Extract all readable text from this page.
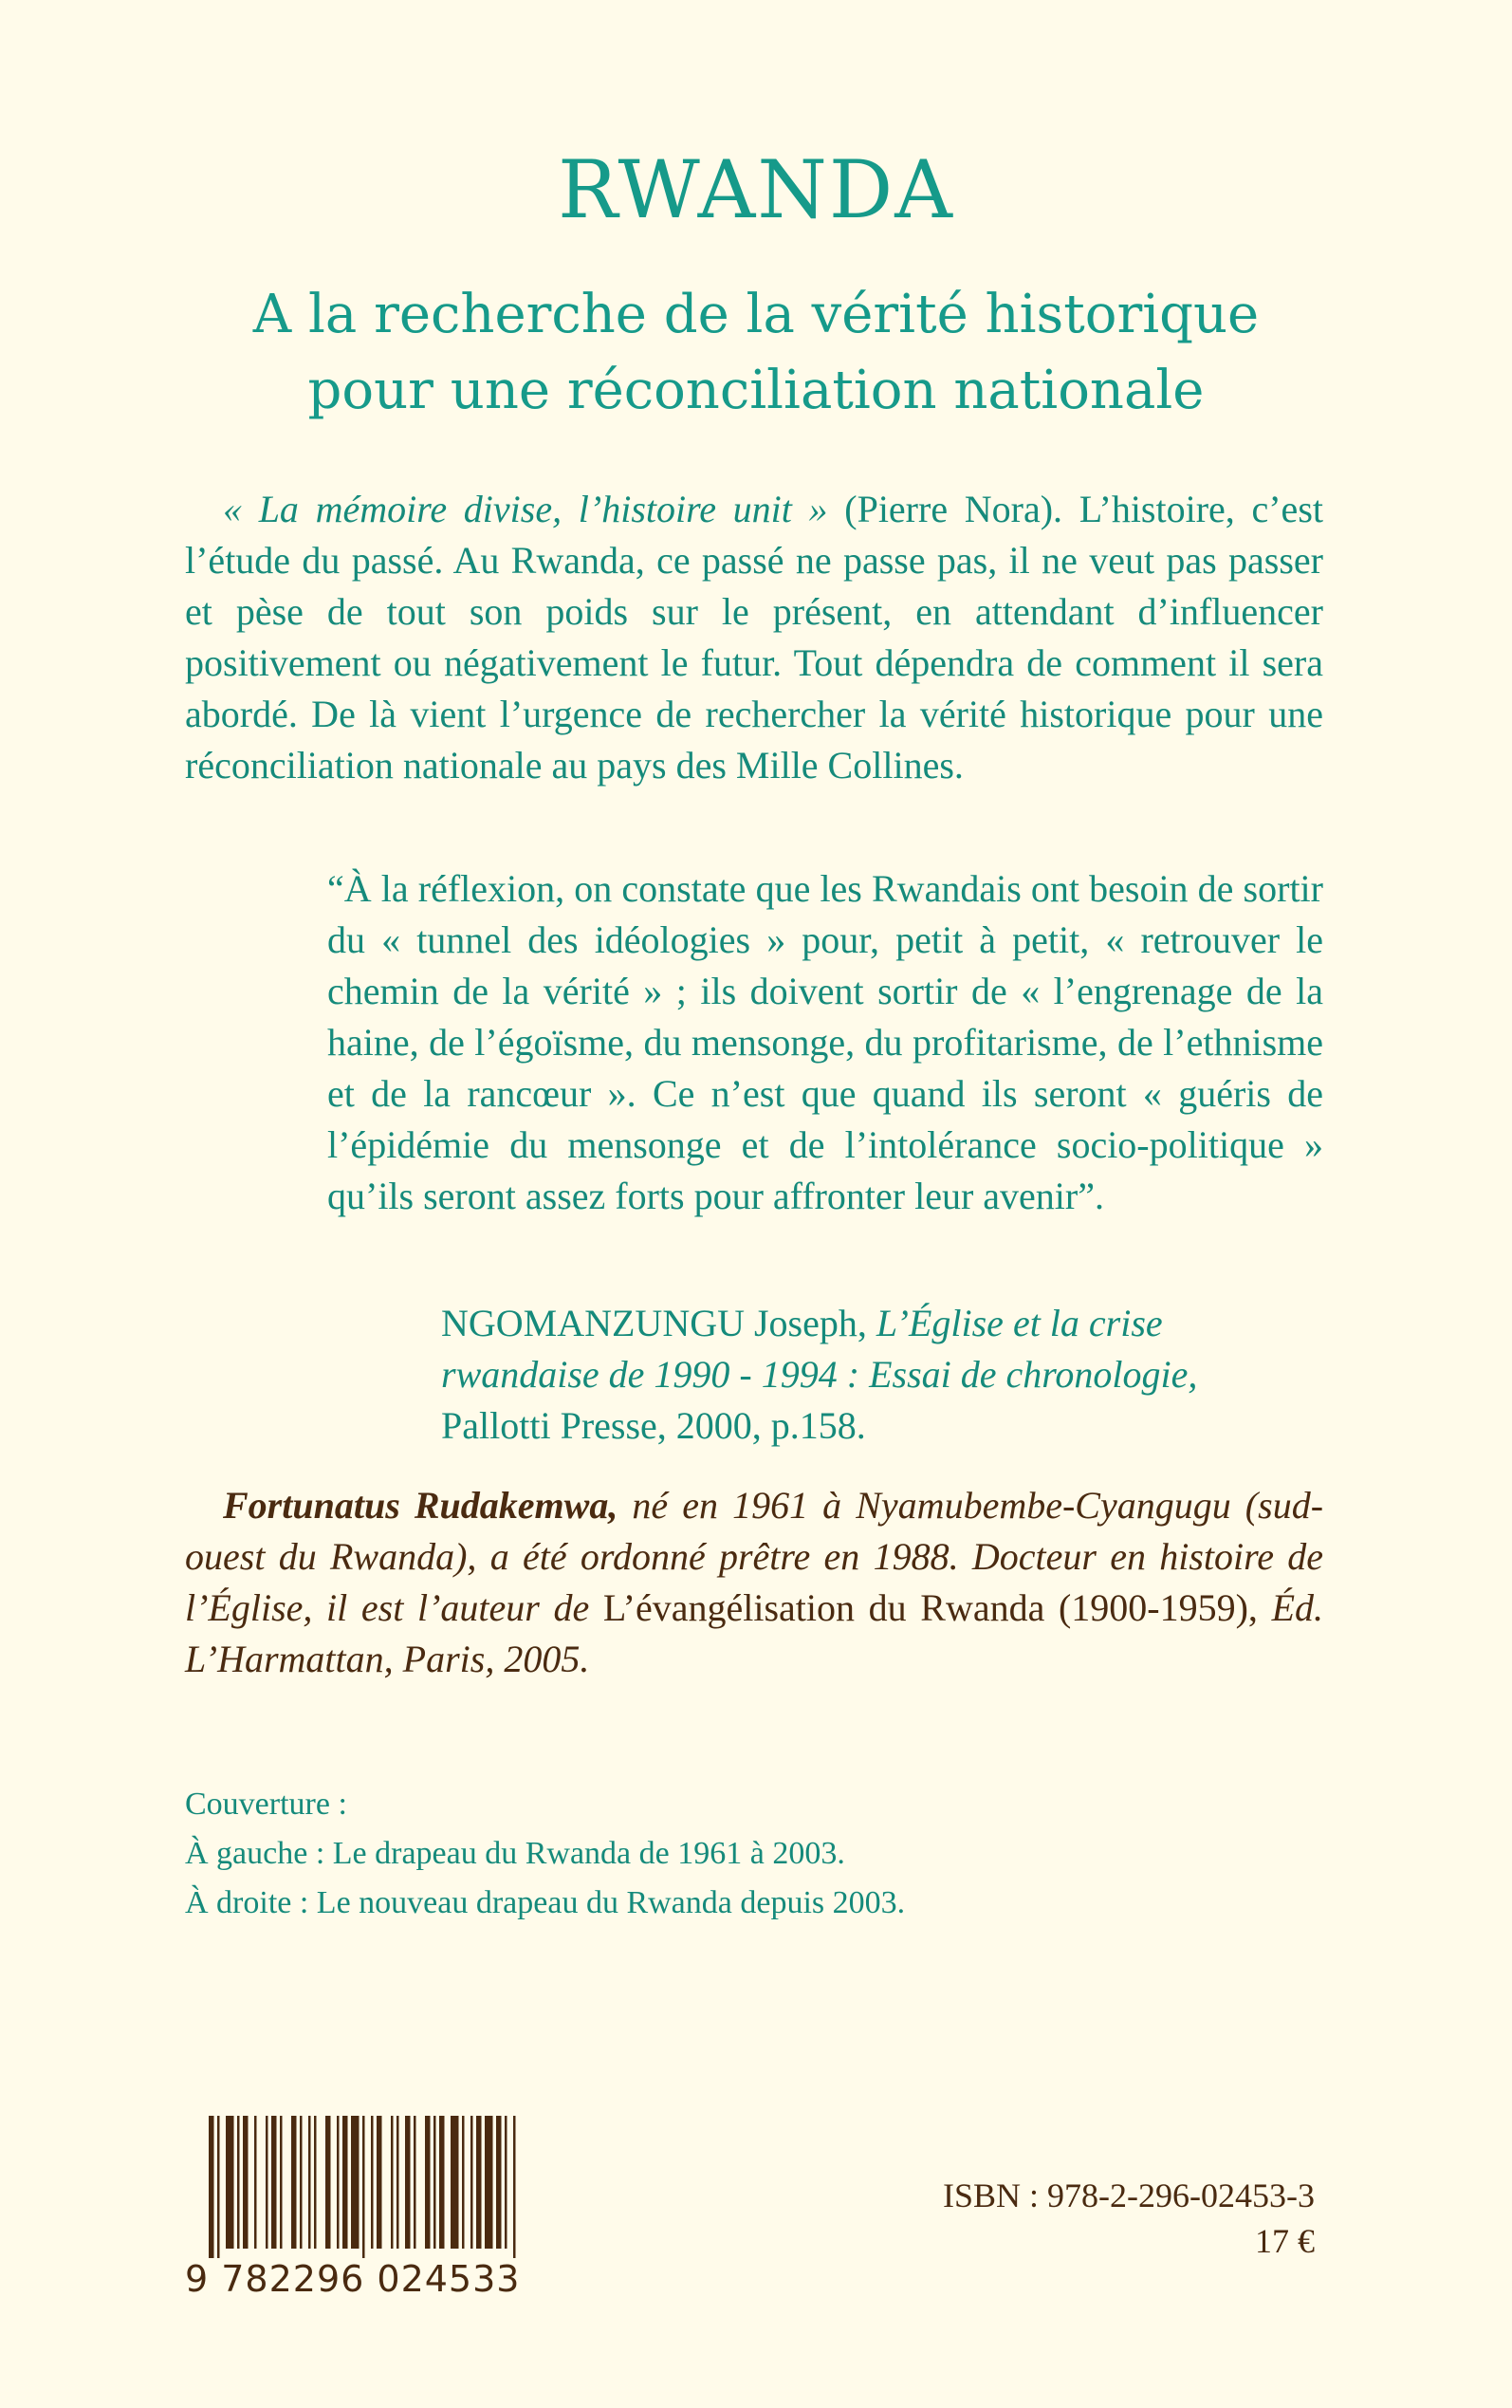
RWANDA
A la recherche de la vérité historique
pour une réconciliation nationale

« La mémoire divise, l’histoire unit » (Pierre Nora). L’histoire, c’est l’étude du passé. Au Rwanda, ce passé ne passe pas, il ne veut pas passer et pèse de tout son poids sur le présent, en attendant d’influencer positivement ou négativement le futur. Tout dépendra de comment il sera abordé. De là vient l’urgence de rechercher la vérité historique pour une réconciliation nationale au pays des Mille Collines.

“À la réflexion, on constate que les Rwandais ont besoin de sortir du « tunnel des idéologies » pour, petit à petit, « retrouver le chemin de la vérité » ; ils doivent sortir de « l’engrenage de la haine, de l’égoïsme, du mensonge, du profitarisme, de l’ethnisme et de la rancœur ». Ce n’est que quand ils seront « guéris de l’épidémie du mensonge et de l’intolérance socio-politique » qu’ils seront assez forts pour affronter leur avenir”.

NGOMANZUNGU Joseph, L’Église et la crise rwandaise de 1990 - 1994 : Essai de chronologie,
Pallotti Presse, 2000, p.158.

Fortunatus Rudakemwa, né en 1961 à Nyamubembe-Cyangugu (sud-ouest du Rwanda), a été ordonné prêtre en 1988. Docteur en histoire de l’Église, il est l’auteur de L’évangélisation du Rwanda (1900-1959), Éd. L’Harmattan, Paris, 2005.

Couverture :
À gauche : Le drapeau du Rwanda de 1961 à 2003.
À droite : Le nouveau drapeau du Rwanda depuis 2003.
9 782296 024533
ISBN : 978-2-296-02453-3
17 €
